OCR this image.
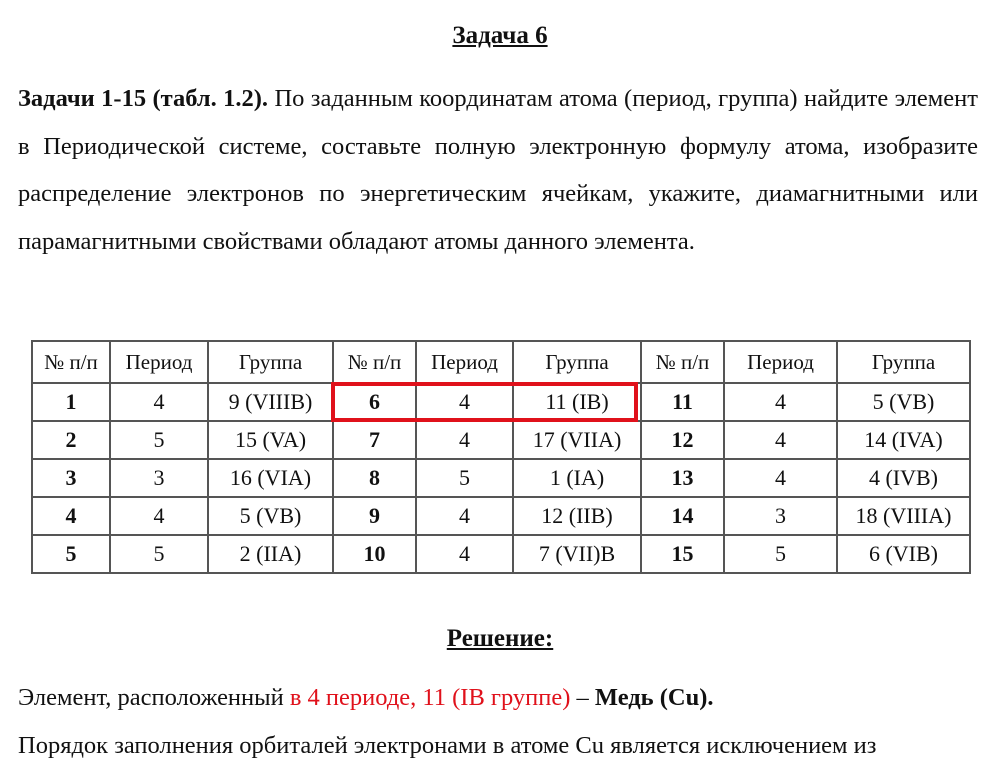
Задача 6
Задачи 1-15 (табл. 1.2). По заданным координатам атома (период, группа) найдите элемент в Периодической системе, составьте полную электронную формулу атома, изобразите распределение электронов по энергетическим ячейкам, укажите, диамагнитными или парамагнитными свойствами обладают атомы данного элемента.
№ п/п	Период	Группа	№ п/п	Период	Группа	№ п/п	Период	Группа
1	4	9 (VIIIB)	6	4	11 (IB)	11	4	5 (VB)
2	5	15 (VA)	7	4	17 (VIIA)	12	4	14 (IVA)
3	3	16 (VIA)	8	5	1 (IA)	13	4	4 (IVB)
4	4	5 (VB)	9	4	12 (IIB)	14	3	18 (VIIIA)
5	5	2 (IIA)	10	4	7 (VII)B	15	5	6 (VIB)
Решение:
Элемент, расположенный в 4 периоде, 11 (IB группе) – Медь (Cu).
Порядок заполнения орбиталей электронами в атоме Cu является исключением из
